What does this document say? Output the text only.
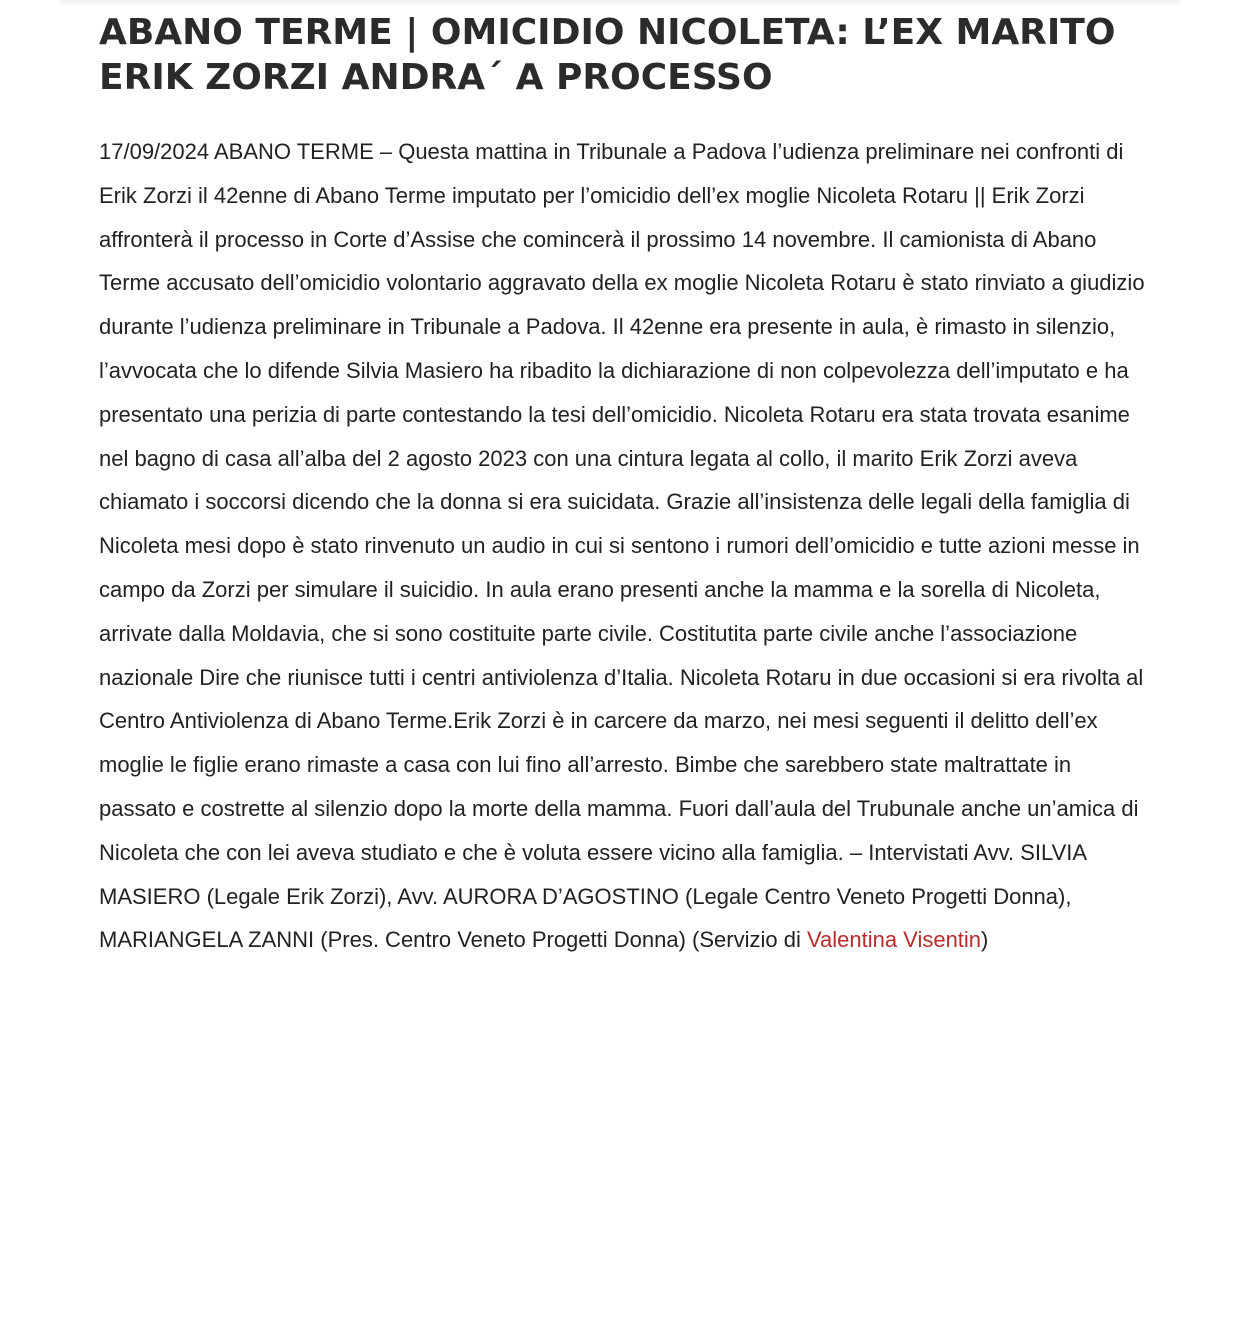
ABANO TERME | OMICIDIO NICOLETA: L’EX MARITO ERIK ZORZI ANDRA´ A PROCESSO
17/09/2024 ABANO TERME – Questa mattina in Tribunale a Padova l’udienza preliminare nei confronti di Erik Zorzi il 42enne di Abano Terme imputato per l’omicidio dell’ex moglie Nicoleta Rotaru || Erik Zorzi affronterà il processo in Corte d’Assise che comincerà il prossimo 14 novembre. Il camionista di Abano Terme accusato dell’omicidio volontario aggravato della ex moglie Nicoleta Rotaru è stato rinviato a giudizio durante l’udienza preliminare in Tribunale a Padova. Il 42enne era presente in aula, è rimasto in silenzio, l’avvocata che lo difende Silvia Masiero ha ribadito la dichiarazione di non colpevolezza dell’imputato e ha presentato una perizia di parte contestando la tesi dell’omicidio. Nicoleta Rotaru era stata trovata esanime nel bagno di casa all’alba del 2 agosto 2023 con una cintura legata al collo, il marito Erik Zorzi aveva chiamato i soccorsi dicendo che la donna si era suicidata. Grazie all’insistenza delle legali della famiglia di Nicoleta mesi dopo è stato rinvenuto un audio in cui si sentono i rumori dell’omicidio e tutte azioni messe in campo da Zorzi per simulare il suicidio. In aula erano presenti anche la mamma e la sorella di Nicoleta, arrivate dalla Moldavia, che si sono costituite parte civile. Costitutita parte civile anche l’associazione nazionale Dire che riunisce tutti i centri antiviolenza d’Italia. Nicoleta Rotaru in due occasioni si era rivolta al Centro Antiviolenza di Abano Terme.Erik Zorzi è in carcere da marzo, nei mesi seguenti il delitto dell’ex moglie le figlie erano rimaste a casa con lui fino all’arresto. Bimbe che sarebbero state maltrattate in passato e costrette al silenzio dopo la morte della mamma. Fuori dall’aula del Trubunale anche un’amica di Nicoleta che con lei aveva studiato e che è voluta essere vicino alla famiglia. – Intervistati Avv. SILVIA MASIERO (Legale Erik Zorzi), Avv. AURORA D’AGOSTINO (Legale Centro Veneto Progetti Donna), MARIANGELA ZANNI (Pres. Centro Veneto Progetti Donna) (Servizio di Valentina Visentin)
